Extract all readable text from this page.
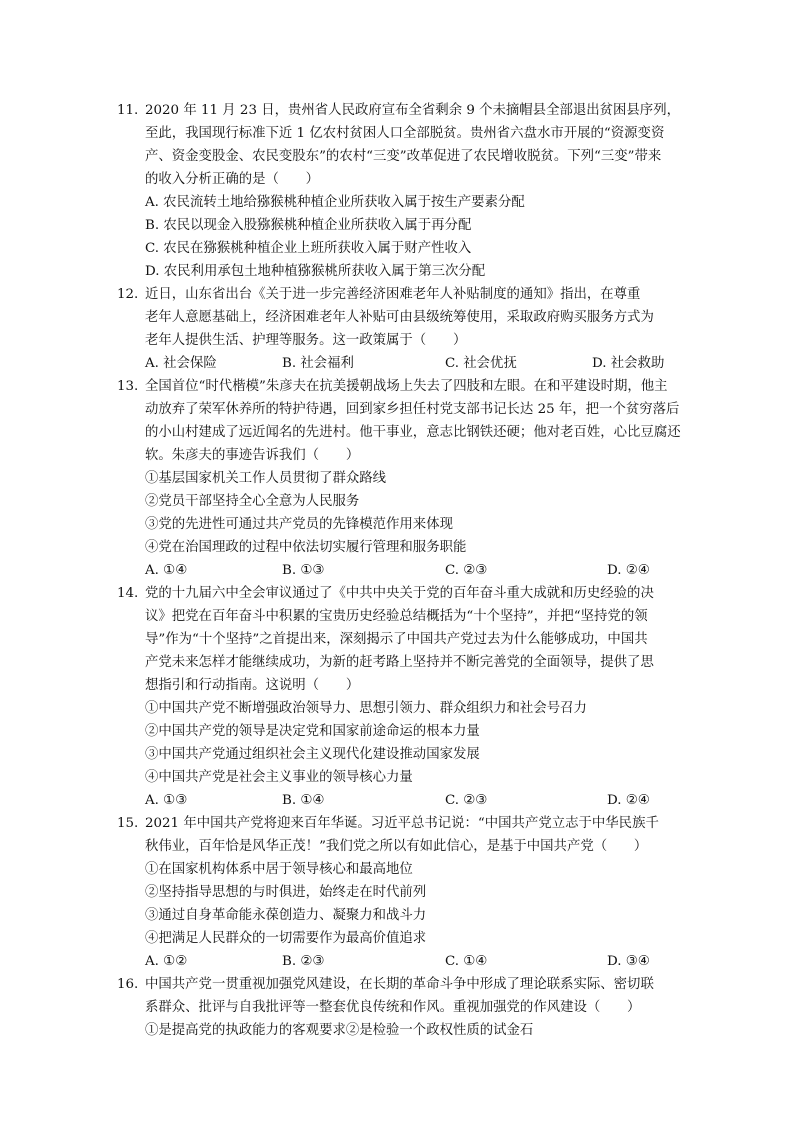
11. 2020 年 11 月 23 日，贵州省人民政府宣布全省剩余 9 个未摘帽县全部退出贫困县序列，
至此，我国现行标准下近 1 亿农村贫困人口全部脱贫。贵州省六盘水市开展的“资源变资
产、资金变股金、农民变股东”的农村“三变”改革促进了农民增收脱贫。下列“三变”带来
的收入分析正确的是（　　）
A. 农民流转土地给猕猴桃种植企业所获收入属于按生产要素分配
B. 农民以现金入股猕猴桃种植企业所获收入属于再分配
C. 农民在猕猴桃种植企业上班所获收入属于财产性收入
D. 农民利用承包土地种植猕猴桃所获收入属于第三次分配
12. 近日，山东省出台《关于进一步完善经济困难老年人补贴制度的通知》指出，在尊重
老年人意愿基础上，经济困难老年人补贴可由县级统筹使用，采取政府购买服务方式为
老年人提供生活、护理等服务。这一政策属于（　　）
A. 社会保险	B. 社会福利	C. 社会优抚	D. 社会救助
13. 全国首位“时代楷模”朱彦夫在抗美援朝战场上失去了四肢和左眼。在和平建设时期，他主
动放弃了荣军休养所的特护待遇，回到家乡担任村党支部书记长达 25 年，把一个贫穷落后
的小山村建成了远近闻名的先进村。他干事业，意志比钢铁还硬；他对老百姓，心比豆腐还
软。朱彦夫的事迹告诉我们（　　）
①基层国家机关工作人员贯彻了群众路线
②党员干部坚持全心全意为人民服务
③党的先进性可通过共产党员的先锋模范作用来体现
④党在治国理政的过程中依法切实履行管理和服务职能
A. ①④	B. ①③	C. ②③	D. ②④
14. 党的十九届六中全会审议通过了《中共中央关于党的百年奋斗重大成就和历史经验的决
议》把党在百年奋斗中积累的宝贵历史经验总结概括为“十个坚持”，并把“坚持党的领
导”作为“十个坚持”之首提出来，深刻揭示了中国共产党过去为什么能够成功，中国共
产党未来怎样才能继续成功，为新的赶考路上坚持并不断完善党的全面领导，提供了思
想指引和行动指南。这说明（　　）
①中国共产党不断增强政治领导力、思想引领力、群众组织力和社会号召力
②中国共产党的领导是决定党和国家前途命运的根本力量
③中国共产党通过组织社会主义现代化建设推动国家发展
④中国共产党是社会主义事业的领导核心力量
A. ①③	B. ①④	C. ②③	D. ②④
15. 2021 年中国共产党将迎来百年华诞。习近平总书记说：“中国共产党立志于中华民族千
秋伟业，百年恰是风华正茂！”我们党之所以有如此信心，是基于中国共产党（　　）
①在国家机构体系中居于领导核心和最高地位
②坚持指导思想的与时俱进，始终走在时代前列
③通过自身革命能永葆创造力、凝聚力和战斗力
④把满足人民群众的一切需要作为最高价值追求
A. ①②	B. ②③	C. ①④	D. ③④
16. 中国共产党一贯重视加强党风建设，在长期的革命斗争中形成了理论联系实际、密切联
系群众、批评与自我批评等一整套优良传统和作风。重视加强党的作风建设（　　）
①是提高党的执政能力的客观要求②是检验一个政权性质的试金石
